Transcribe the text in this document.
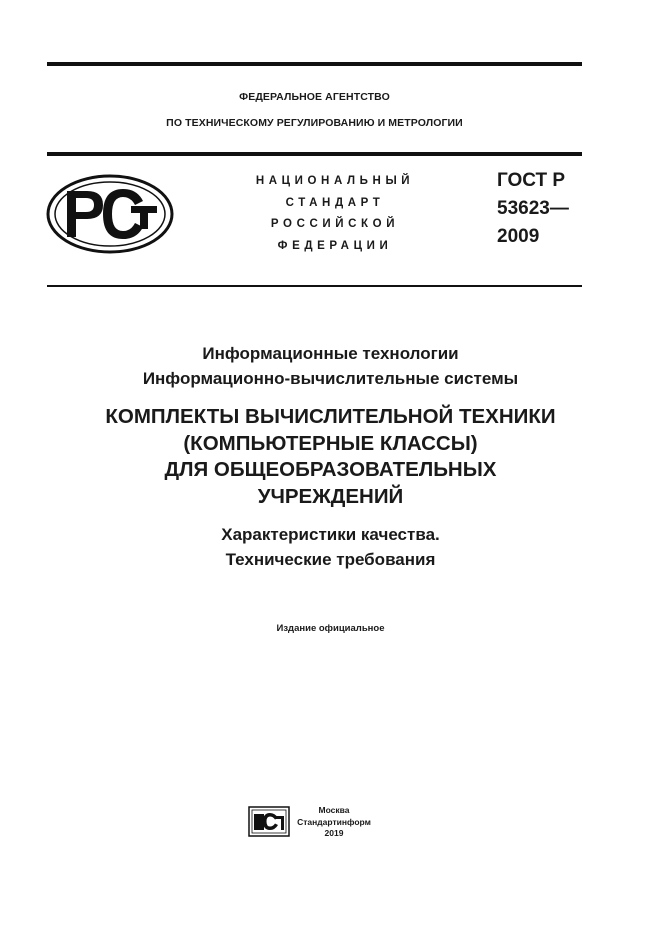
ФЕДЕРАЛЬНОЕ АГЕНТСТВО
ПО ТЕХНИЧЕСКОМУ РЕГУЛИРОВАНИЮ И МЕТРОЛОГИИ
НАЦИОНАЛЬНЫЙ
СТАНДАРТ
РОССИЙСКОЙ
ФЕДЕРАЦИИ
ГОСТ Р
53623—
2009
Информационные технологии
Информационно-вычислительные системы
КОМПЛЕКТЫ ВЫЧИСЛИТЕЛЬНОЙ ТЕХНИКИ
(КОМПЬЮТЕРНЫЕ КЛАССЫ)
ДЛЯ ОБЩЕОБРАЗОВАТЕЛЬНЫХ
УЧРЕЖДЕНИЙ
Характеристики качества.
Технические требования
Издание официальное
Москва
Стандартинформ
2019
